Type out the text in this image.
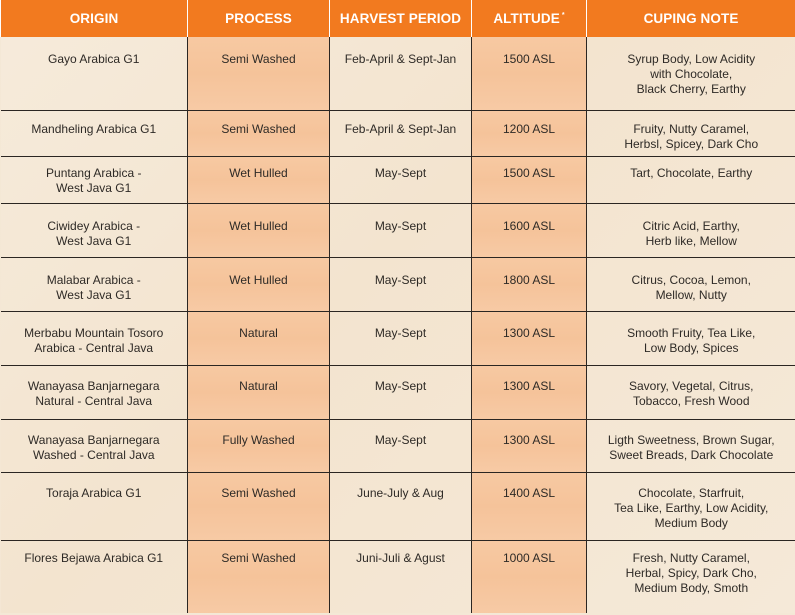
ORIGIN	PROCESS	HARVEST PERIOD	ALTITUDE *	CUPING NOTE
Gayo Arabica G1	Semi Washed	Feb-April & Sept-Jan	1500 ASL	Syrup Body, Low Acidity
with Chocolate,
Black Cherry, Earthy
Mandheling Arabica G1	Semi Washed	Feb-April & Sept-Jan	1200 ASL	Fruity, Nutty Caramel,
Herbsl, Spicey, Dark Cho
Puntang Arabica -
West Java G1	Wet Hulled	May-Sept	1500 ASL	Tart, Chocolate, Earthy
Ciwidey Arabica -
West Java G1	Wet Hulled	May-Sept	1600 ASL	Citric Acid, Earthy,
Herb like, Mellow
Malabar Arabica -
West Java G1	Wet Hulled	May-Sept	1800 ASL	Citrus, Cocoa, Lemon,
Mellow, Nutty
Merbabu Mountain Tosoro
Arabica - Central Java	Natural	May-Sept	1300 ASL	Smooth Fruity, Tea Like,
Low Body, Spices
Wanayasa Banjarnegara
Natural - Central Java	Natural	May-Sept	1300 ASL	Savory, Vegetal, Citrus,
Tobacco, Fresh Wood
Wanayasa Banjarnegara
Washed - Central Java	Fully Washed	May-Sept	1300 ASL	Ligth Sweetness, Brown Sugar,
Sweet Breads, Dark Chocolate
Toraja Arabica G1	Semi Washed	June-July & Aug	1400 ASL	Chocolate, Starfruit,
Tea Like, Earthy, Low Acidity,
Medium Body
Flores Bejawa Arabica G1	Semi Washed	Juni-Juli & Agust	1000 ASL	Fresh, Nutty Caramel,
Herbal, Spicy, Dark Cho,
Medium Body, Smoth
